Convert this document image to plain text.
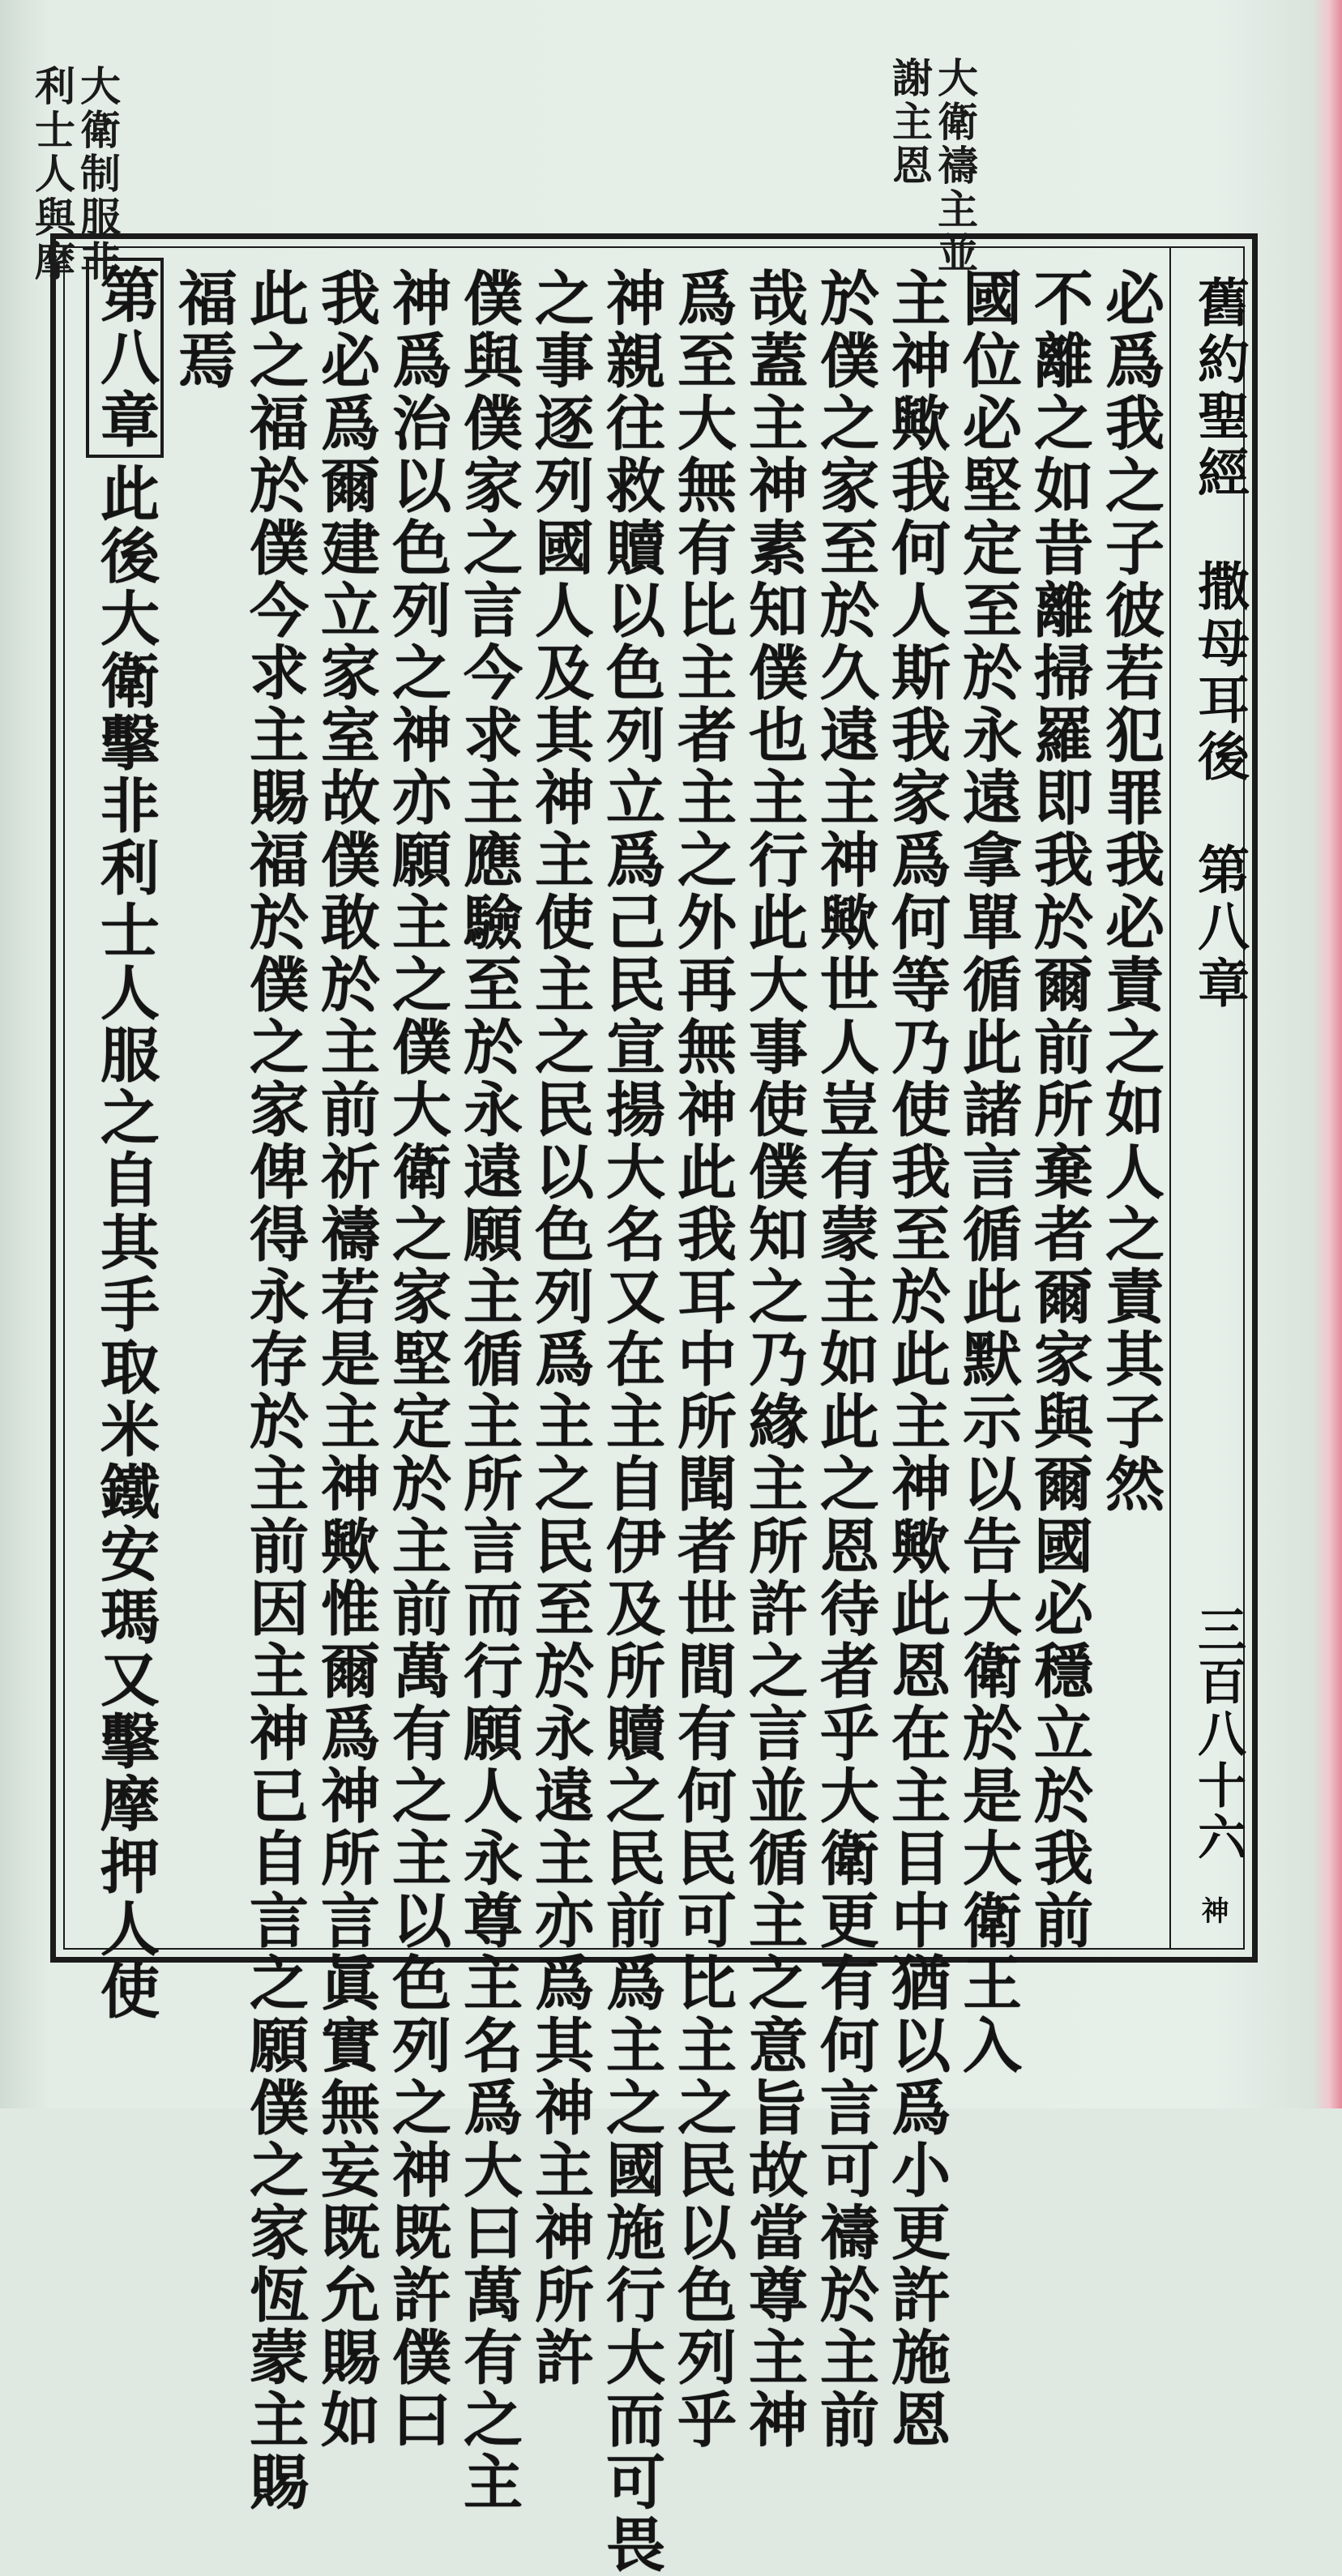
大衛禱主並
謝主恩
大衛制服非
利士人與摩
舊約聖經　撒母耳後　第八章
三百八十六
神
必爲我之子彼若犯罪我必責之如人之責其子然
不離之如昔離掃羅即我於爾前所棄者爾家與爾國必穩立於我前
國位必堅定至於永遠拿單循此諸言循此默示以告大衛於是大衛王入
主神歟我何人斯我家爲何等乃使我至於此主神歟此恩在主目中猶以爲小更許施恩
於僕之家至於久遠主神歟世人豈有蒙主如此之恩待者乎大衛更有何言可禱於主前
哉蓋主神素知僕也主行此大事使僕知之乃緣主所許之言並循主之意旨故當尊主神
爲至大無有比主者主之外再無神此我耳中所聞者世間有何民可比主之民以色列乎
神親往救贖以色列立爲己民宣揚大名又在主自伊及所贖之民前爲主之國施行大而可畏
之事逐列國人及其神主使主之民以色列爲主之民至於永遠主亦爲其神主神所許
僕與僕家之言今求主應驗至於永遠願主循主所言而行願人永尊主名爲大曰萬有之主
神爲治以色列之神亦願主之僕大衛之家堅定於主前萬有之主以色列之神既許僕曰
我必爲爾建立家室故僕敢於主前祈禱若是主神歟惟爾爲神所言眞實無妄既允賜如
此之福於僕今求主賜福於僕之家俾得永存於主前因主神已自言之願僕之家恆蒙主賜
福焉
第八章此後大衛擊非利士人服之自其手取米鐵安瑪又擊摩押人使
